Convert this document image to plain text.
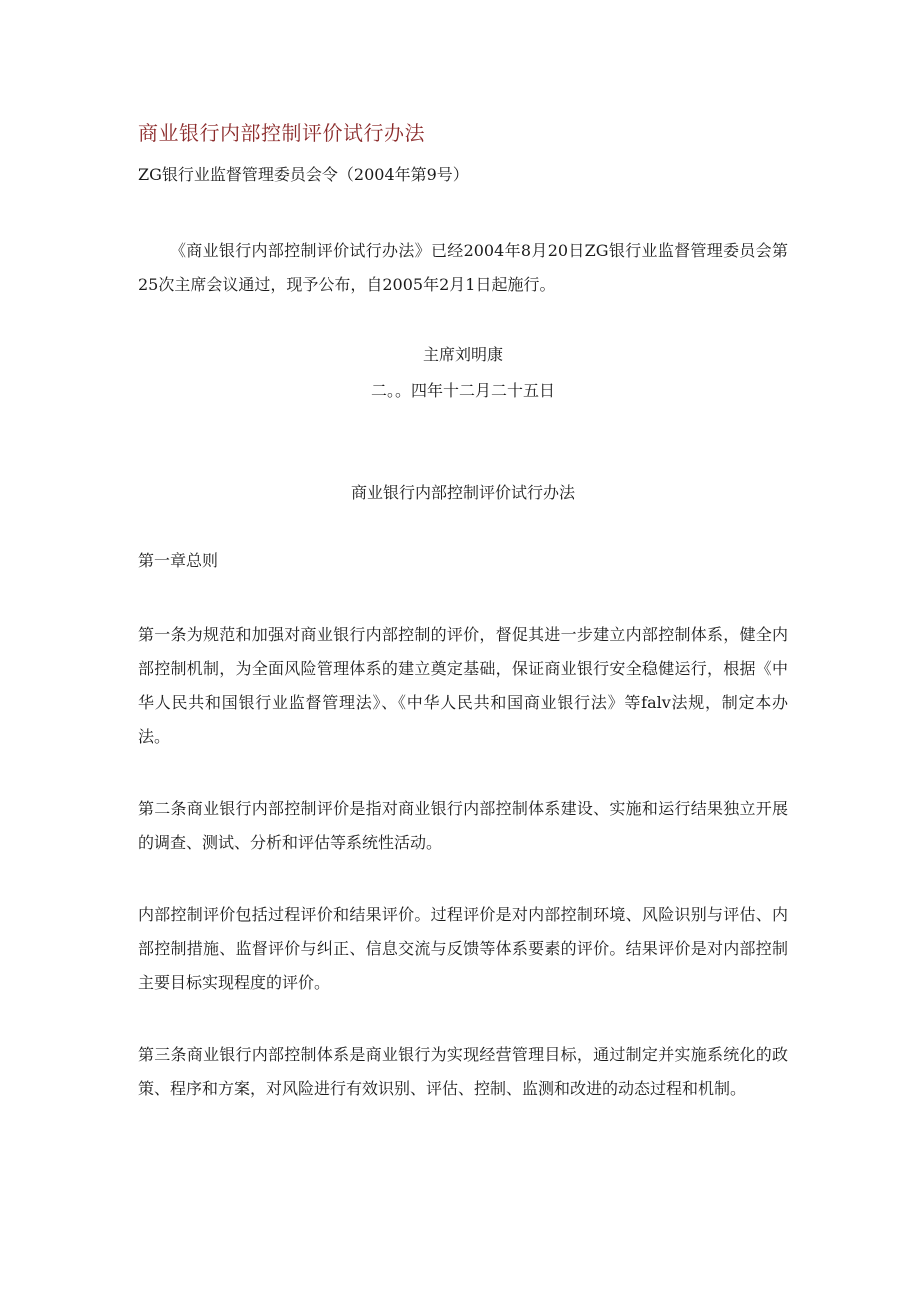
商业银行内部控制评价试行办法
ZG银行业监督管理委员会令（2004年第9号）

《商业银行内部控制评价试行办法》已经2004年8月20日ZG银行业监督管理委员会第25次主席会议通过，现予公布，自2005年2月1日起施行。

主席刘明康
二。。四年十二月二十五日
商业银行内部控制评价试行办法
第一章总则

第一条为规范和加强对商业银行内部控制的评价，督促其进一步建立内部控制体系，健全内部控制机制，为全面风险管理体系的建立奠定基础，保证商业银行安全稳健运行，根据《中华人民共和国银行业监督管理法》、《中华人民共和国商业银行法》等falv法规，制定本办法。

第二条商业银行内部控制评价是指对商业银行内部控制体系建设、实施和运行结果独立开展的调查、测试、分析和评估等系统性活动。

内部控制评价包括过程评价和结果评价。过程评价是对内部控制环境、风险识别与评估、内部控制措施、监督评价与纠正、信息交流与反馈等体系要素的评价。结果评价是对内部控制主要目标实现程度的评价。

第三条商业银行内部控制体系是商业银行为实现经营管理目标，通过制定并实施系统化的政策、程序和方案，对风险进行有效识别、评估、控制、监测和改进的动态过程和机制。
